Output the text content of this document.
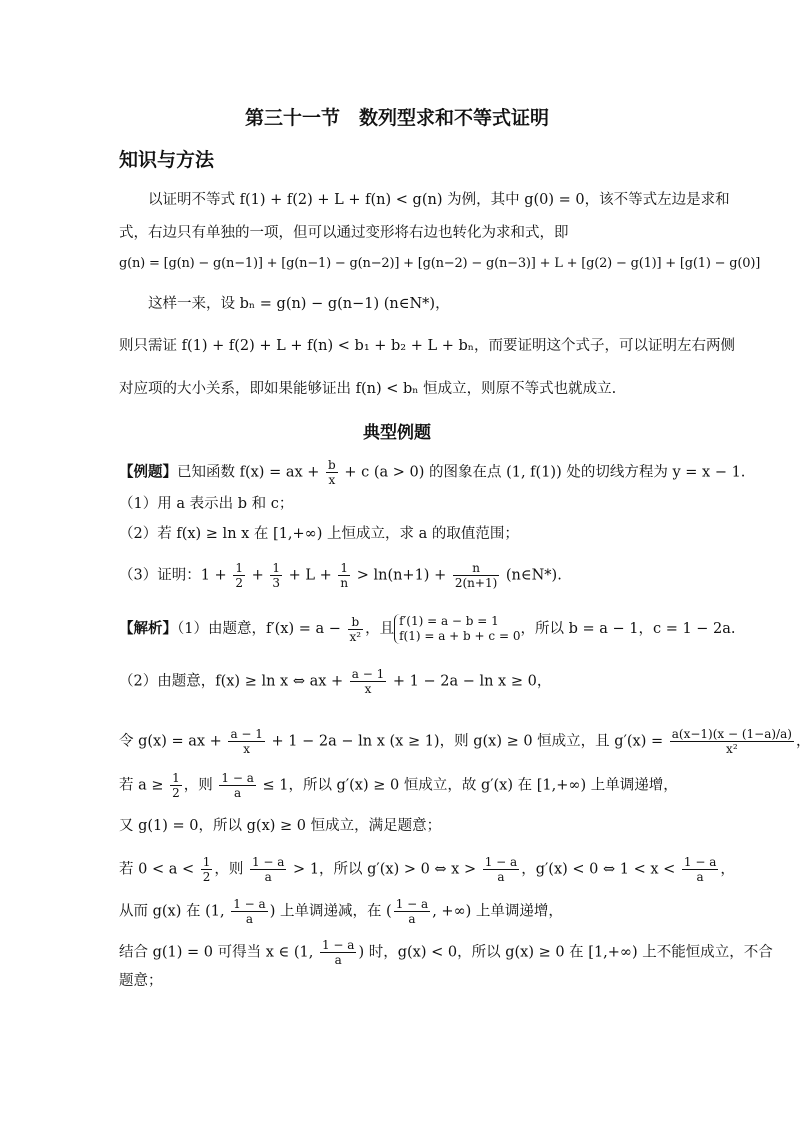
第三十一节　数列型求和不等式证明
知识与方法
以证明不等式 f(1) + f(2) + L + f(n) < g(n) 为例，其中 g(0) = 0，该不等式左边是求和
式，右边只有单独的一项，但可以通过变形将右边也转化为求和式，即
g(n) = [g(n) − g(n−1)] + [g(n−1) − g(n−2)] + [g(n−2) − g(n−3)] + L + [g(2) − g(1)] + [g(1) − g(0)]
这样一来，设 bₙ = g(n) − g(n−1) (n∈N*)，
则只需证 f(1) + f(2) + L + f(n) < b₁ + b₂ + L + bₙ，而要证明这个式子，可以证明左右两侧
对应项的大小关系，即如果能够证出 f(n) < bₙ 恒成立，则原不等式也就成立.
典型例题
【例题】已知函数 f(x) = ax + $\frac{b}{x} + c$ (a > 0) 的图象在点 (1, f(1)) 处的切线方程为 y = x − 1.
（1）用 a 表示出 b 和 c；
（2）若 f(x) ≥ ln x 在 [1,+∞) 上恒成立，求 a 的取值范围；
（3）证明：$1 + \frac{1}{2} + \frac{1}{3} + L + \frac{1}{n} > \ln(n+1) + \frac{n}{2(n+1)}$ (n∈N*).
【解析】（1）由题意，$f'(x) = a - \frac{b}{\text{x²}}$ ，且 f′(1) = a − b = 1
f(1) = a + b + c = 0 ，所以 b = a − 1，c = 1 − 2a.
（2）由题意，f(x) ≥ ln x ⇔ ax + $\frac{a - 1}{x} + 1 - 2a - \ln x \ge 0$，
令 g(x) = ax + $\frac{a - 1}{x} + 1 - 2a - \ln x$ (x ≥ 1)，则 g(x) ≥ 0 恒成立，且 $g'(x) = \frac{a(x-1)(x - (1-a)/a)}{\text{x²}}$ ，
若 $a \ge \frac{1}{2}$ ，则 $\frac{1 - a}{a} \le 1$，所以 g′(x) ≥ 0 恒成立，故 g′(x) 在 [1,+∞) 上单调递增，
又 g(1) = 0，所以 g(x) ≥ 0 恒成立，满足题意；
若 $0 < a < \frac{1}{2}$ ，则 $\frac{1 - a}{a} > 1$，所以 g′(x) > 0 ⇔ $x > \frac{1 - a}{a}$ ，g′(x) < 0 ⇔ $1 < x < \frac{1 - a}{a}$ ，
从而 g(x) 在 (1, $\frac{1 - a}{a}$ ) 上单调递减，在 ( $\frac{1 - a}{a}$ , +∞) 上单调递增，
结合 g(1) = 0 可得当 x ∈ (1, $\frac{1 - a}{a}$ ) 时，g(x) < 0，所以 g(x) ≥ 0 在 [1,+∞) 上不能恒成立，不合
题意；
